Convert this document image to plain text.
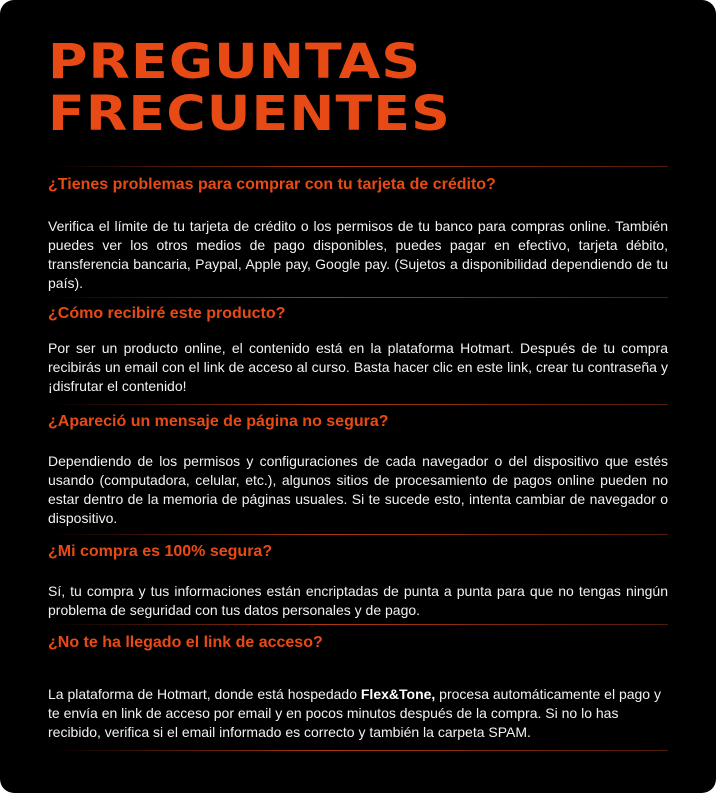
PREGUNTAS
FRECUENTES
¿Tienes problemas para comprar con tu tarjeta de crédito?

Verifica el límite de tu tarjeta de crédito o los permisos de tu banco para compras online. También puedes ver los otros medios de pago disponibles, puedes pagar en efectivo, tarjeta débito, transferencia bancaria, Paypal, Apple pay, Google pay. (Sujetos a disponibilidad dependiendo de tu país).

¿Cómo recibiré este producto?

Por ser un producto online, el contenido está en la plataforma Hotmart. Después de tu compra recibirás un email con el link de acceso al curso. Basta hacer clic en este link, crear tu contraseña y ¡disfrutar el contenido!

¿Apareció un mensaje de página no segura?

Dependiendo de los permisos y configuraciones de cada navegador o del dispositivo que estés usando (computadora, celular, etc.), algunos sitios de procesamiento de pagos online pueden no estar dentro de la memoria de páginas usuales. Si te sucede esto, intenta cambiar de navegador o dispositivo.

¿Mi compra es 100% segura?

Sí, tu compra y tus informaciones están encriptadas de punta a punta para que no tengas ningún problema de seguridad con tus datos personales y de pago.

¿No te ha llegado el link de acceso?

La plataforma de Hotmart, donde está hospedado Flex&Tone, procesa automáticamente el pago y te envía en link de acceso por email y en pocos minutos después de la compra. Si no lo has recibido, verifica si el email informado es correcto y también la carpeta SPAM.
